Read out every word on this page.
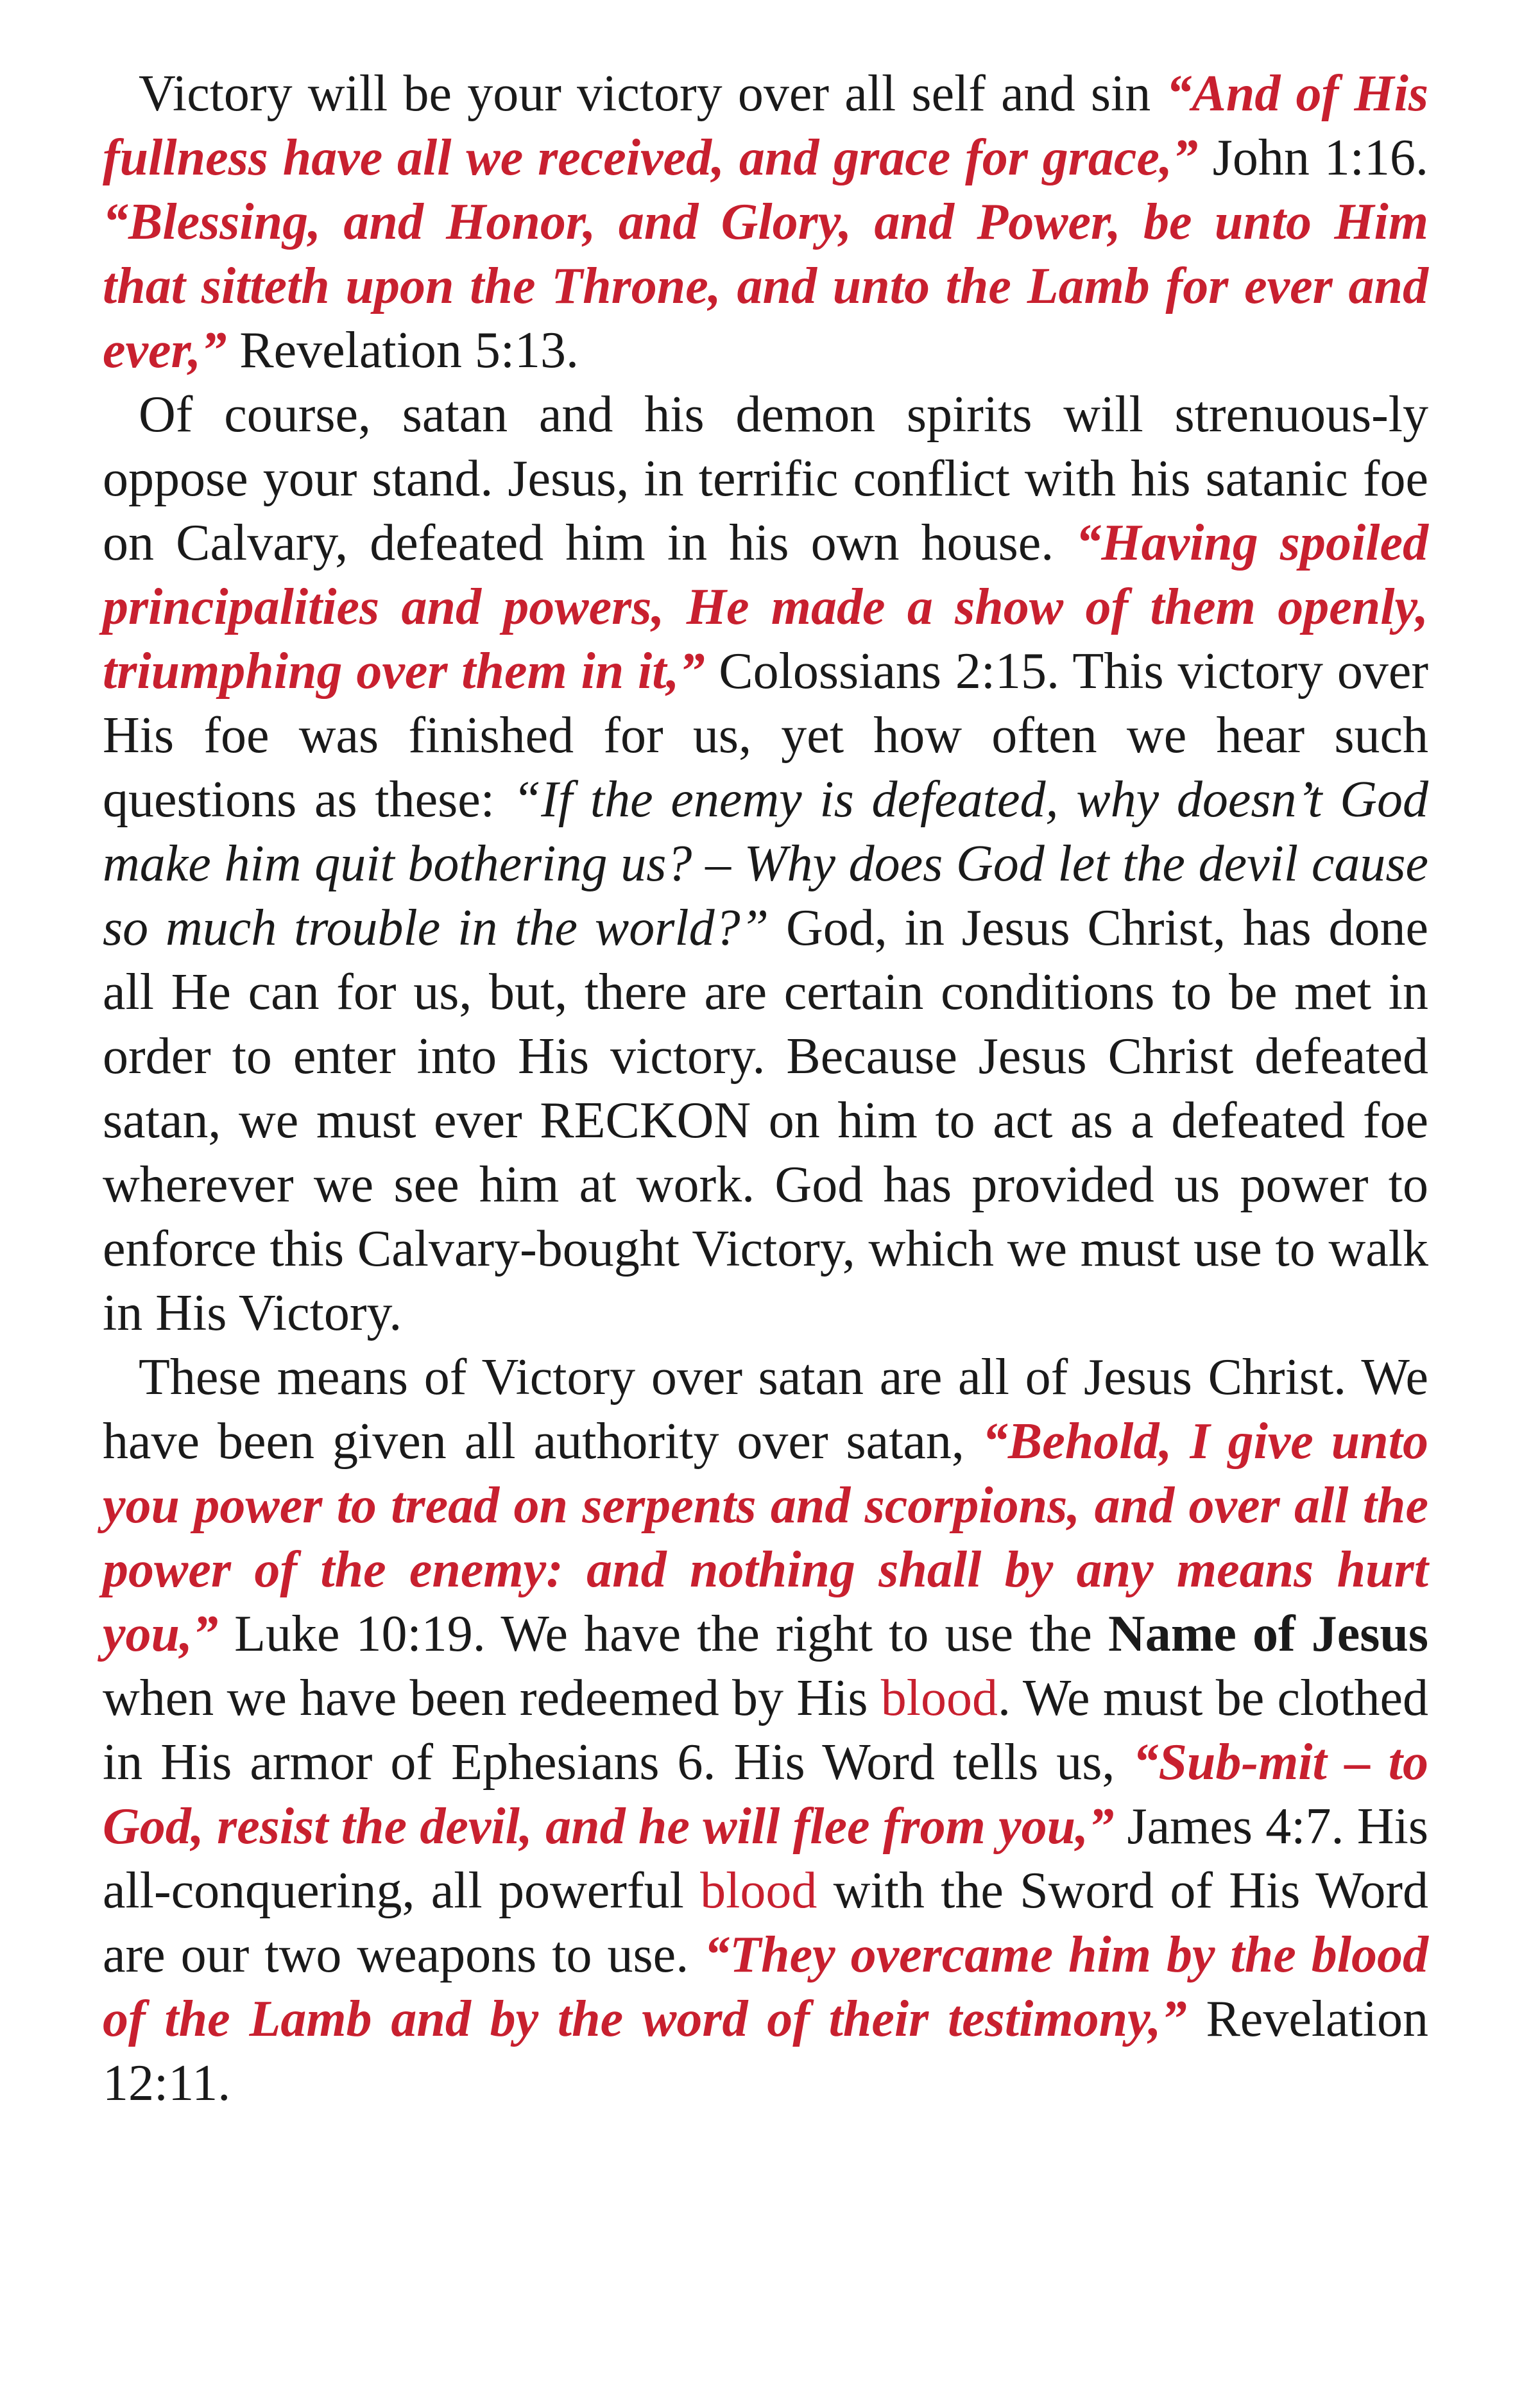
Victory will be your victory over all self and sin “And of His fullness have all we received, and grace for grace,” John 1:16. “Blessing, and Honor, and Glory, and Power, be unto Him that sitteth upon the Throne, and unto the Lamb for ever and ever,” Revelation 5:13.

Of course, satan and his demon spirits will strenuous-ly oppose your stand. Jesus, in terrific conflict with his satanic foe on Calvary, defeated him in his own house. “Having spoiled principalities and powers, He made a show of them openly, triumphing over them in it,” Colossians 2:15. This victory over His foe was finished for us, yet how often we hear such questions as these: “If the enemy is defeated, why doesn’t God make him quit bothering us? – Why does God let the devil cause so much trouble in the world?” God, in Jesus Christ, has done all He can for us, but, there are certain conditions to be met in order to enter into His victory. Because Jesus Christ defeated satan, we must ever RECKON on him to act as a defeated foe wherever we see him at work. God has provided us power to enforce this Calvary-bought Victory, which we must use to walk in His Victory.

These means of Victory over satan are all of Jesus Christ. We have been given all authority over satan, “Behold, I give unto you power to tread on serpents and scorpions, and over all the power of the enemy: and nothing shall by any means hurt you,” Luke 10:19. We have the right to use the Name of Jesus when we have been redeemed by His blood. We must be clothed in His armor of Ephesians 6. His Word tells us, “Sub-mit – to God, resist the devil, and he will flee from you,” James 4:7. His all-conquering, all powerful blood with the Sword of His Word are our two weapons to use. “They overcame him by the blood of the Lamb and by the word of their testimony,” Revelation 12:11.
